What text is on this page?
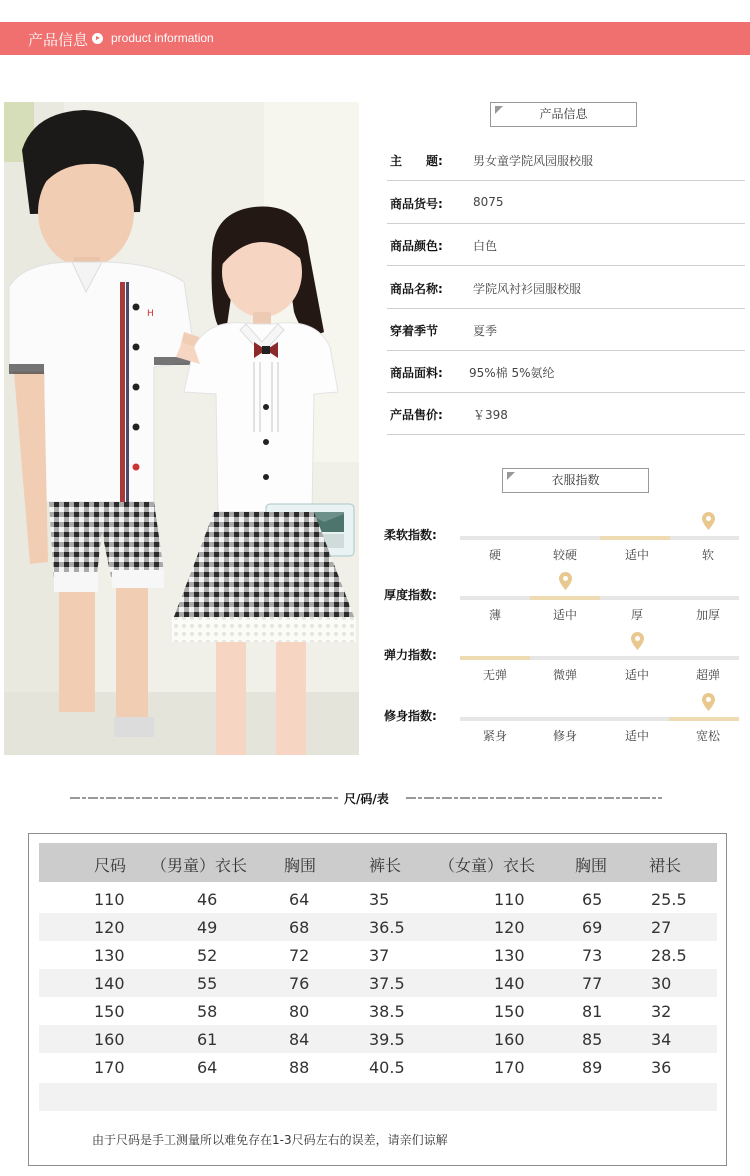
产品信息 product information
H
产品信息
主　　题:	男女童学院风园服校服
商品货号:	8075
商品颜色:	白色
商品名称:	学院风衬衫园服校服
穿着季节	夏季
商品面料: 95%棉 5%氨纶
产品售价:	￥398
衣服指数
柔软指数:
硬	较硬	适中	软
厚度指数:
薄	适中	厚	加厚
弹力指数:
无弹	微弹	适中	超弹
修身指数:
紧身	修身	适中	宽松
尺/码/表
尺码 （男童）衣长 胸围	裤长 （女童）衣长 胸围	裙长
110	46	64	35	110	65	25.5
120	49	68	36.5	120	69	27
130	52	72	37	130	73	28.5
140	55	76	37.5	140	77	30
150	58	80	38.5	150	81	32
160	61	84	39.5	160	85	34
170	64	88	40.5	170	89	36
由于尺码是手工测量所以难免存在1-3尺码左右的误差，请亲们谅解
